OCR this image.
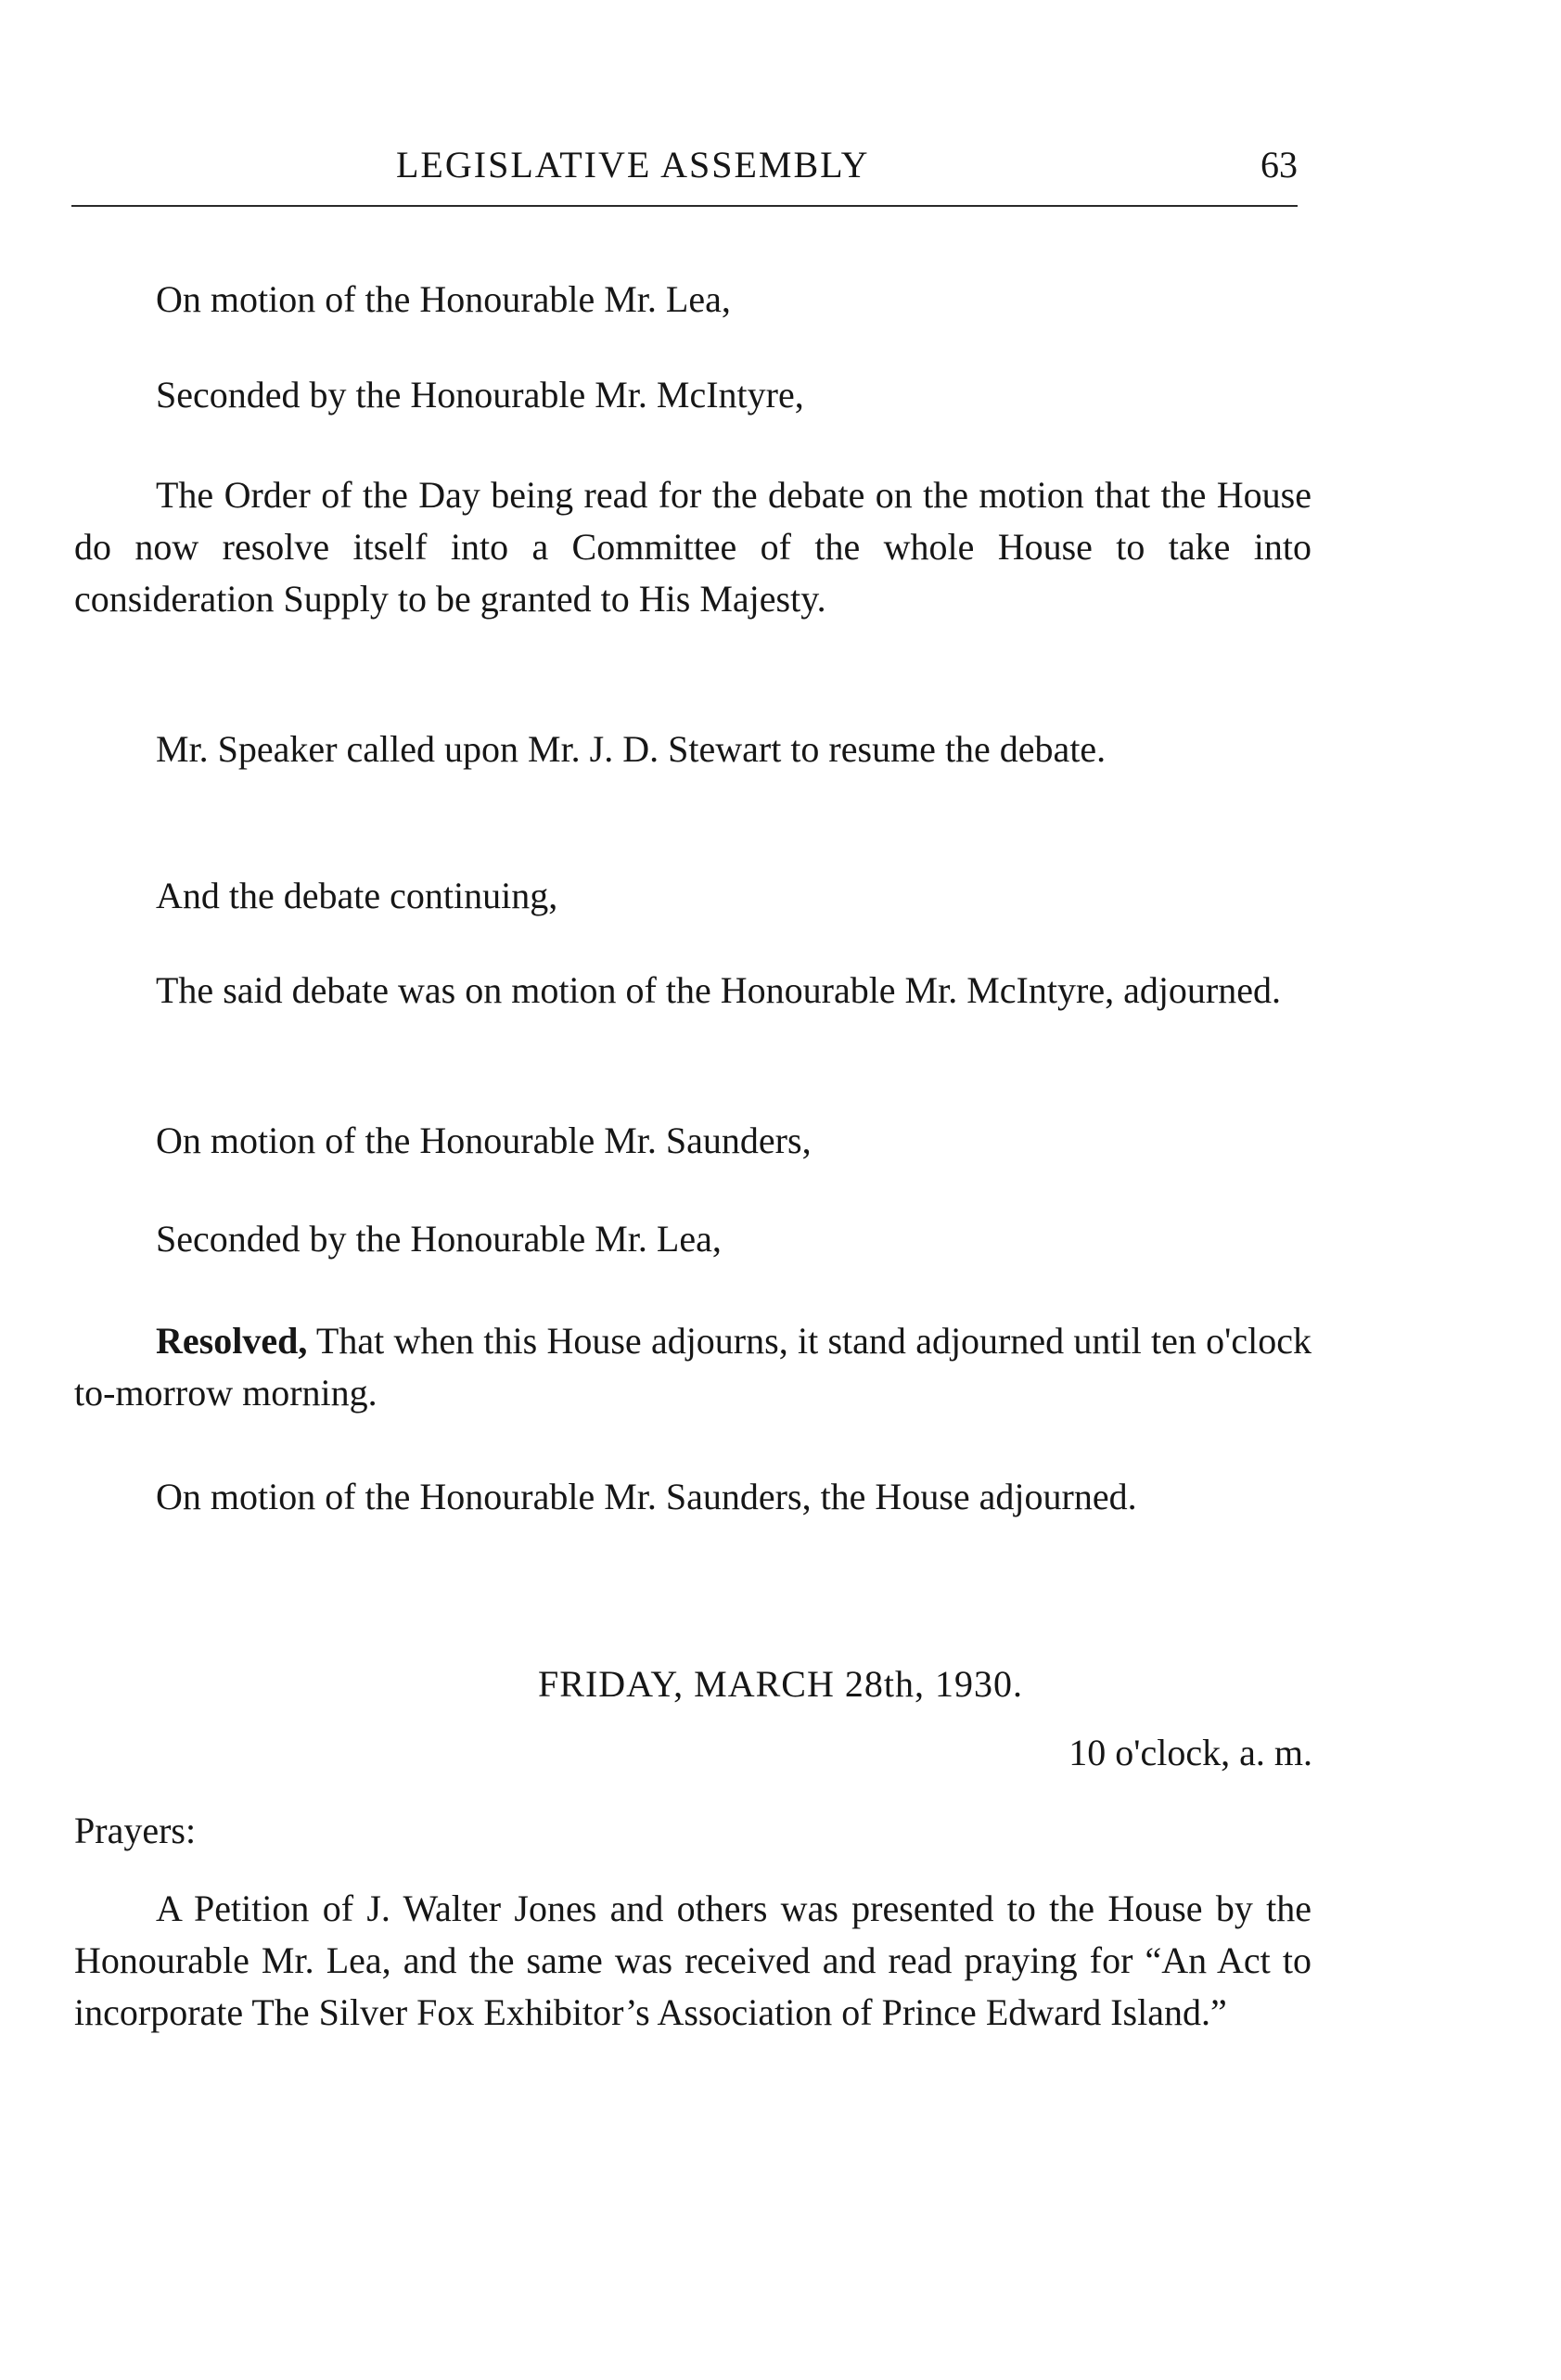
LEGISLATIVE ASSEMBLY	63

On motion of the Honourable Mr. Lea,

Seconded by the Honourable Mr. McIntyre,

The Order of the Day being read for the debate on the motion that the House do now resolve itself into a Committee of the whole House to take into consideration Supply to be granted to His Majesty.

Mr. Speaker called upon Mr. J. D. Stewart to resume the debate.

And the debate continuing,

The said debate was on motion of the Honourable Mr. McIntyre, adjourned.

On motion of the Honourable Mr. Saunders,

Seconded by the Honourable Mr. Lea,

Resolved, That when this House adjourns, it stand adjourned until ten o'clock to-morrow morning.

On motion of the Honourable Mr. Saunders, the House adjourned.

FRIDAY, MARCH 28th, 1930.
10 o'clock, a. m.

Prayers:

A Petition of J. Walter Jones and others was presented to the House by the Honourable Mr. Lea, and the same was received and read praying for “An Act to incorporate The Silver Fox Exhibitor’s Association of Prince Edward Island.”
